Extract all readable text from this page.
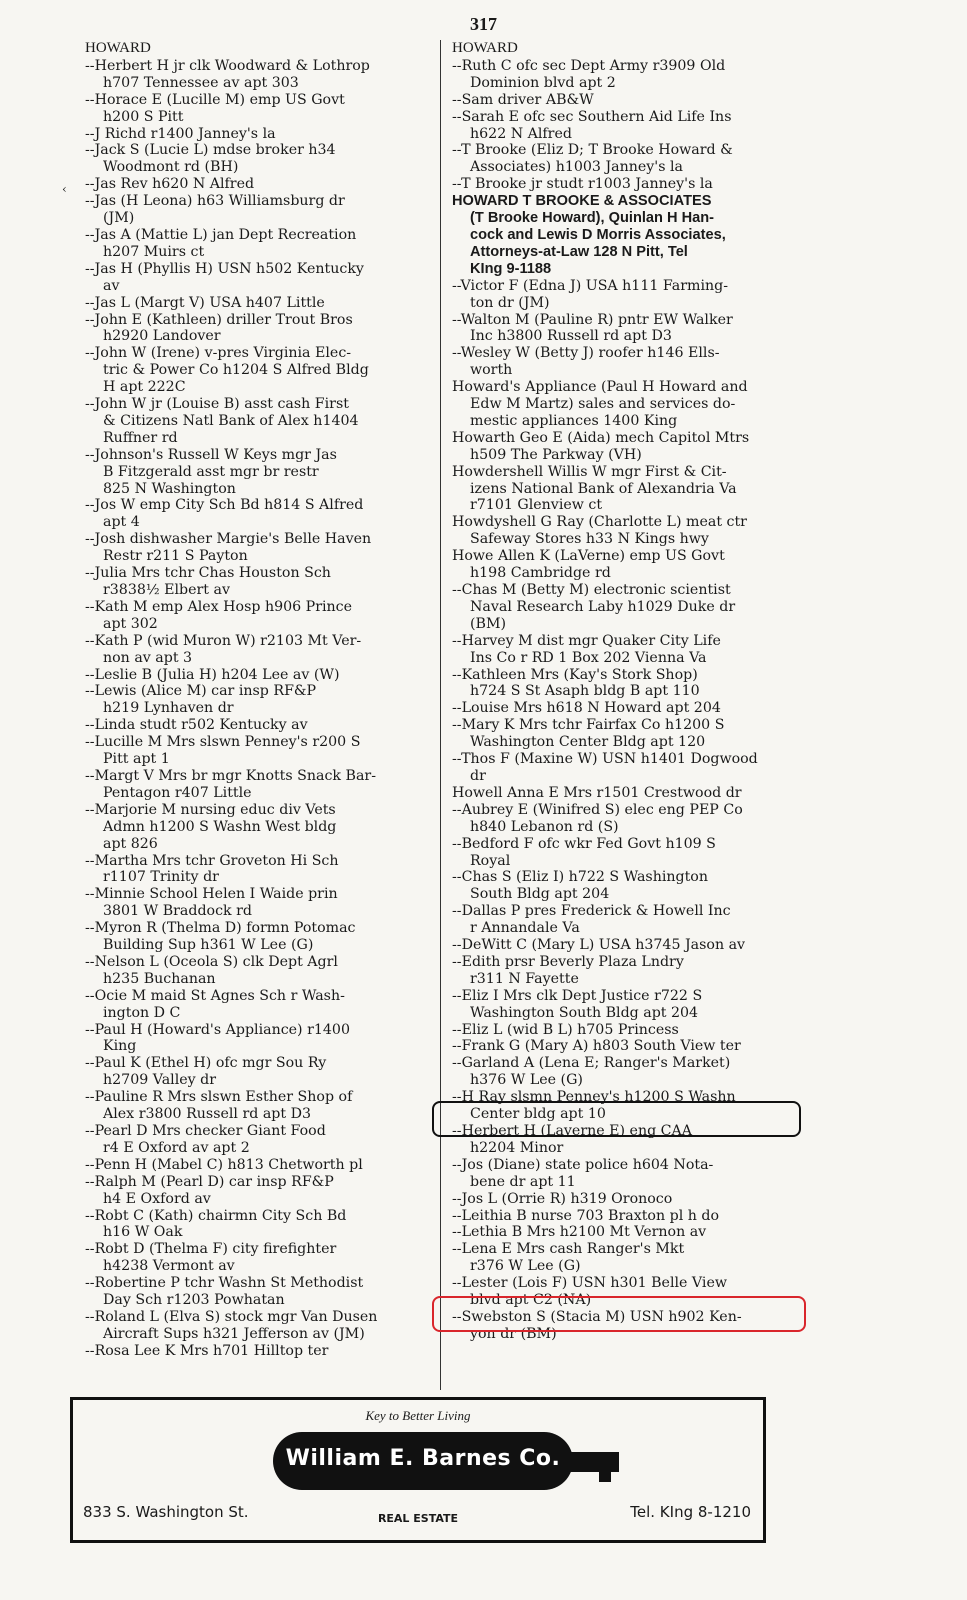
317
HOWARD
--Herbert H jr clk Woodward & Lothrop
h707 Tennessee av apt 303
--Horace E (Lucille M) emp US Govt
h200 S Pitt
--J Richd r1400 Janney's la
--Jack S (Lucie L) mdse broker h34
Woodmont rd (BH)
--Jas Rev h620 N Alfred
--Jas (H Leona) h63 Williamsburg dr
(JM)
--Jas A (Mattie L) jan Dept Recreation
h207 Muirs ct
--Jas H (Phyllis H) USN h502 Kentucky
av
--Jas L (Margt V) USA h407 Little
--John E (Kathleen) driller Trout Bros
h2920 Landover
--John W (Irene) v-pres Virginia Elec-
tric & Power Co h1204 S Alfred Bldg
H apt 222C
--John W jr (Louise B) asst cash First
& Citizens Natl Bank of Alex h1404
Ruffner rd
--Johnson's Russell W Keys mgr Jas
B Fitzgerald asst mgr br restr
825 N Washington
--Jos W emp City Sch Bd h814 S Alfred
apt 4
--Josh dishwasher Margie's Belle Haven
Restr r211 S Payton
--Julia Mrs tchr Chas Houston Sch
r3838½ Elbert av
--Kath M emp Alex Hosp h906 Prince
apt 302
--Kath P (wid Muron W) r2103 Mt Ver-
non av apt 3
--Leslie B (Julia H) h204 Lee av (W)
--Lewis (Alice M) car insp RF&P
h219 Lynhaven dr
--Linda studt r502 Kentucky av
--Lucille M Mrs slswn Penney's r200 S
Pitt apt 1
--Margt V Mrs br mgr Knotts Snack Bar-
Pentagon r407 Little
--Marjorie M nursing educ div Vets
Admn h1200 S Washn West bldg
apt 826
--Martha Mrs tchr Groveton Hi Sch
r1107 Trinity dr
--Minnie School Helen I Waide prin
3801 W Braddock rd
--Myron R (Thelma D) formn Potomac
Building Sup h361 W Lee (G)
--Nelson L (Oceola S) clk Dept Agrl
h235 Buchanan
--Ocie M maid St Agnes Sch r Wash-
ington D C
--Paul H (Howard's Appliance) r1400
King
--Paul K (Ethel H) ofc mgr Sou Ry
h2709 Valley dr
--Pauline R Mrs slswn Esther Shop of
Alex r3800 Russell rd apt D3
--Pearl D Mrs checker Giant Food
r4 E Oxford av apt 2
--Penn H (Mabel C) h813 Chetworth pl
--Ralph M (Pearl D) car insp RF&P
h4 E Oxford av
--Robt C (Kath) chairmn City Sch Bd
h16 W Oak
--Robt D (Thelma F) city firefighter
h4238 Vermont av
--Robertine P tchr Washn St Methodist
Day Sch r1203 Powhatan
--Roland L (Elva S) stock mgr Van Dusen
Aircraft Sups h321 Jefferson av (JM)
--Rosa Lee K Mrs h701 Hilltop ter
HOWARD
--Ruth C ofc sec Dept Army r3909 Old
Dominion blvd apt 2
--Sam driver AB&W
--Sarah E ofc sec Southern Aid Life Ins
h622 N Alfred
--T Brooke (Eliz D; T Brooke Howard &
Associates) h1003 Janney's la
--T Brooke jr studt r1003 Janney's la
HOWARD T BROOKE & ASSOCIATES
(T Brooke Howard), Quinlan H Han-
cock and Lewis D Morris Associates,
Attorneys-at-Law 128 N Pitt, Tel
KIng 9-1188
--Victor F (Edna J) USA h111 Farming-
ton dr (JM)
--Walton M (Pauline R) pntr EW Walker
Inc h3800 Russell rd apt D3
--Wesley W (Betty J) roofer h146 Ells-
worth
Howard's Appliance (Paul H Howard and
Edw M Martz) sales and services do-
mestic appliances 1400 King
Howarth Geo E (Aida) mech Capitol Mtrs
h509 The Parkway (VH)
Howdershell Willis W mgr First & Cit-
izens National Bank of Alexandria Va
r7101 Glenview ct
Howdyshell G Ray (Charlotte L) meat ctr
Safeway Stores h33 N Kings hwy
Howe Allen K (LaVerne) emp US Govt
h198 Cambridge rd
--Chas M (Betty M) electronic scientist
Naval Research Laby h1029 Duke dr
(BM)
--Harvey M dist mgr Quaker City Life
Ins Co r RD 1 Box 202 Vienna Va
--Kathleen Mrs (Kay's Stork Shop)
h724 S St Asaph bldg B apt 110
--Louise Mrs h618 N Howard apt 204
--Mary K Mrs tchr Fairfax Co h1200 S
Washington Center Bldg apt 120
--Thos F (Maxine W) USN h1401 Dogwood
dr
Howell Anna E Mrs r1501 Crestwood dr
--Aubrey E (Winifred S) elec eng PEP Co
h840 Lebanon rd (S)
--Bedford F ofc wkr Fed Govt h109 S
Royal
--Chas S (Eliz I) h722 S Washington
South Bldg apt 204
--Dallas P pres Frederick & Howell Inc
r Annandale Va
--DeWitt C (Mary L) USA h3745 Jason av
--Edith prsr Beverly Plaza Lndry
r311 N Fayette
--Eliz I Mrs clk Dept Justice r722 S
Washington South Bldg apt 204
--Eliz L (wid B L) h705 Princess
--Frank G (Mary A) h803 South View ter
--Garland A (Lena E; Ranger's Market)
h376 W Lee (G)
--H Ray slsmn Penney's h1200 S Washn
Center bldg apt 10
--Herbert H (Laverne E) eng CAA
h2204 Minor
--Jos (Diane) state police h604 Nota-
bene dr apt 11
--Jos L (Orrie R) h319 Oronoco
--Leithia B nurse 703 Braxton pl h do
--Lethia B Mrs h2100 Mt Vernon av
--Lena E Mrs cash Ranger's Mkt
r376 W Lee (G)
--Lester (Lois F) USN h301 Belle View
blvd apt C2 (NA)
--Swebston S (Stacia M) USN h902 Ken-
yon dr (BM)
‹
Key to Better Living
William E. Barnes Co.
833 S. Washington St.	REAL ESTATE	Tel. KIng 8-1210
